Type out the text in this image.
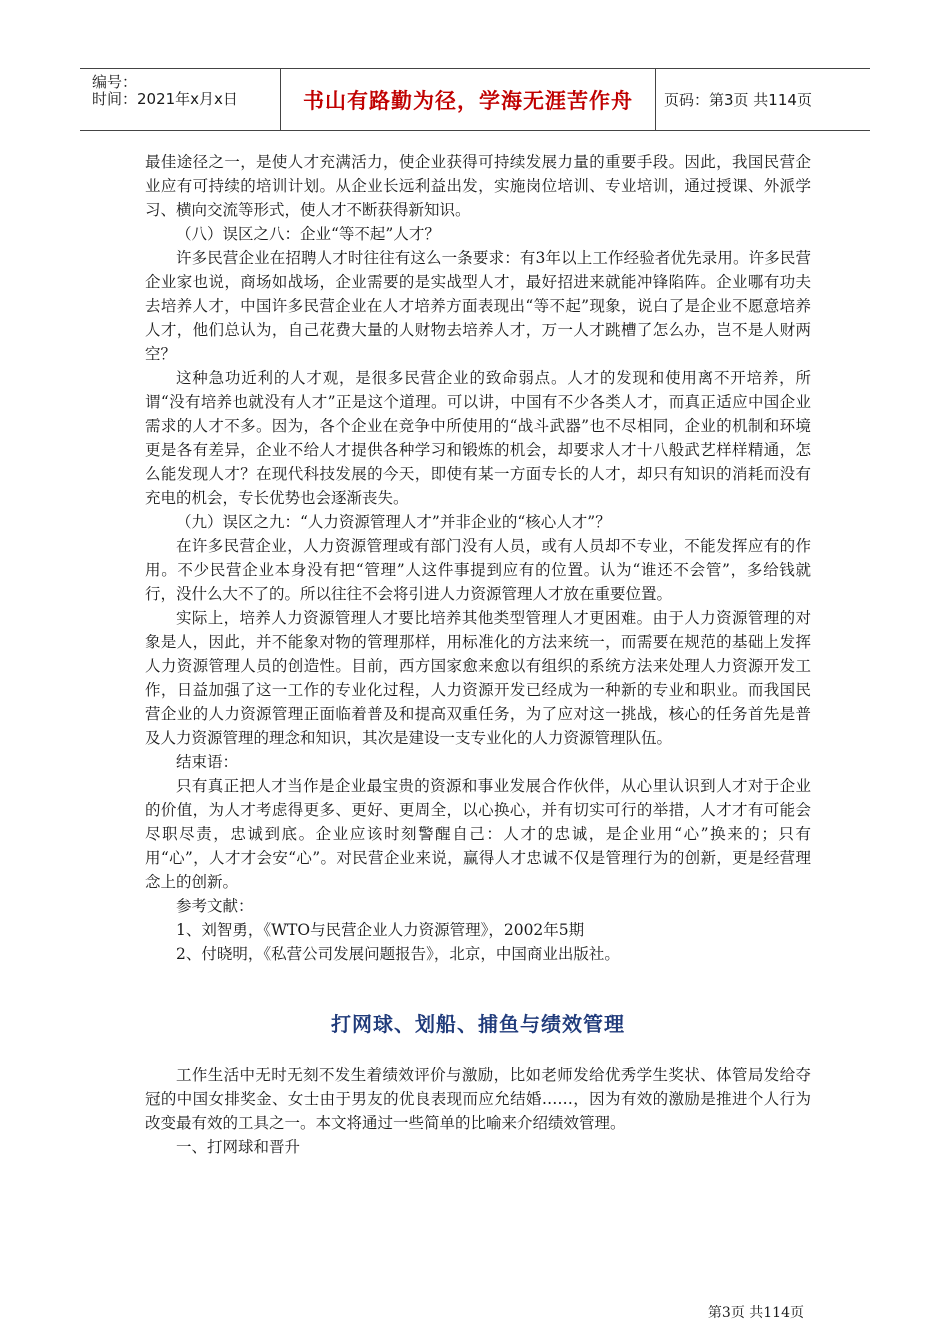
编号：
时间：2021年x月x日	书山有路勤为径，学海无涯苦作舟	页码：第3页 共114页

最佳途径之一，是使人才充满活力，使企业获得可持续发展力量的重要手段。因此，我国民营企业应有可持续的培训计划。从企业长远利益出发，实施岗位培训、专业培训，通过授课、外派学习、横向交流等形式，使人才不断获得新知识。

（八）误区之八：企业“等不起”人才？

许多民营企业在招聘人才时往往有这么一条要求：有3年以上工作经验者优先录用。许多民营企业家也说，商场如战场，企业需要的是实战型人才，最好招进来就能冲锋陷阵。企业哪有功夫去培养人才，中国许多民营企业在人才培养方面表现出“等不起”现象，说白了是企业不愿意培养人才，他们总认为，自己花费大量的人财物去培养人才，万一人才跳槽了怎么办，岂不是人财两空？

这种急功近利的人才观，是很多民营企业的致命弱点。人才的发现和使用离不开培养，所谓“没有培养也就没有人才”正是这个道理。可以讲，中国有不少各类人才，而真正适应中国企业需求的人才不多。因为，各个企业在竞争中所使用的“战斗武器”也不尽相同，企业的机制和环境更是各有差异，企业不给人才提供各种学习和锻炼的机会，却要求人才十八般武艺样样精通，怎么能发现人才？在现代科技发展的今天，即使有某一方面专长的人才，却只有知识的消耗而没有充电的机会，专长优势也会逐渐丧失。

（九）误区之九：“人力资源管理人才”并非企业的“核心人才”？

在许多民营企业，人力资源管理或有部门没有人员，或有人员却不专业，不能发挥应有的作用。不少民营企业本身没有把“管理”人这件事提到应有的位置。认为“谁还不会管”，多给钱就行，没什么大不了的。所以往往不会将引进人力资源管理人才放在重要位置。

实际上，培养人力资源管理人才要比培养其他类型管理人才更困难。由于人力资源管理的对象是人，因此，并不能象对物的管理那样，用标准化的方法来统一，而需要在规范的基础上发挥人力资源管理人员的创造性。目前，西方国家愈来愈以有组织的系统方法来处理人力资源开发工作，日益加强了这一工作的专业化过程，人力资源开发已经成为一种新的专业和职业。而我国民营企业的人力资源管理正面临着普及和提高双重任务，为了应对这一挑战，核心的任务首先是普及人力资源管理的理念和知识，其次是建设一支专业化的人力资源管理队伍。

结束语：

只有真正把人才当作是企业最宝贵的资源和事业发展合作伙伴，从心里认识到人才对于企业的价值，为人才考虑得更多、更好、更周全，以心换心，并有切实可行的举措，人才才有可能会尽职尽责，忠诚到底。企业应该时刻警醒自己：人才的忠诚，是企业用“心”换来的；只有用“心”，人才才会安“心”。对民营企业来说，赢得人才忠诚不仅是管理行为的创新，更是经营理念上的创新。

参考文献：

1、刘智勇，《WTO与民营企业人力资源管理》，2002年5期

2、付晓明，《私营公司发展问题报告》，北京，中国商业出版社。

打网球、划船、捕鱼与绩效管理

工作生活中无时无刻不发生着绩效评价与激励，比如老师发给优秀学生奖状、体管局发给夺冠的中国女排奖金、女士由于男友的优良表现而应允结婚……，因为有效的激励是推进个人行为改变最有效的工具之一。本文将通过一些简单的比喻来介绍绩效管理。

一、打网球和晋升

第3页 共114页
